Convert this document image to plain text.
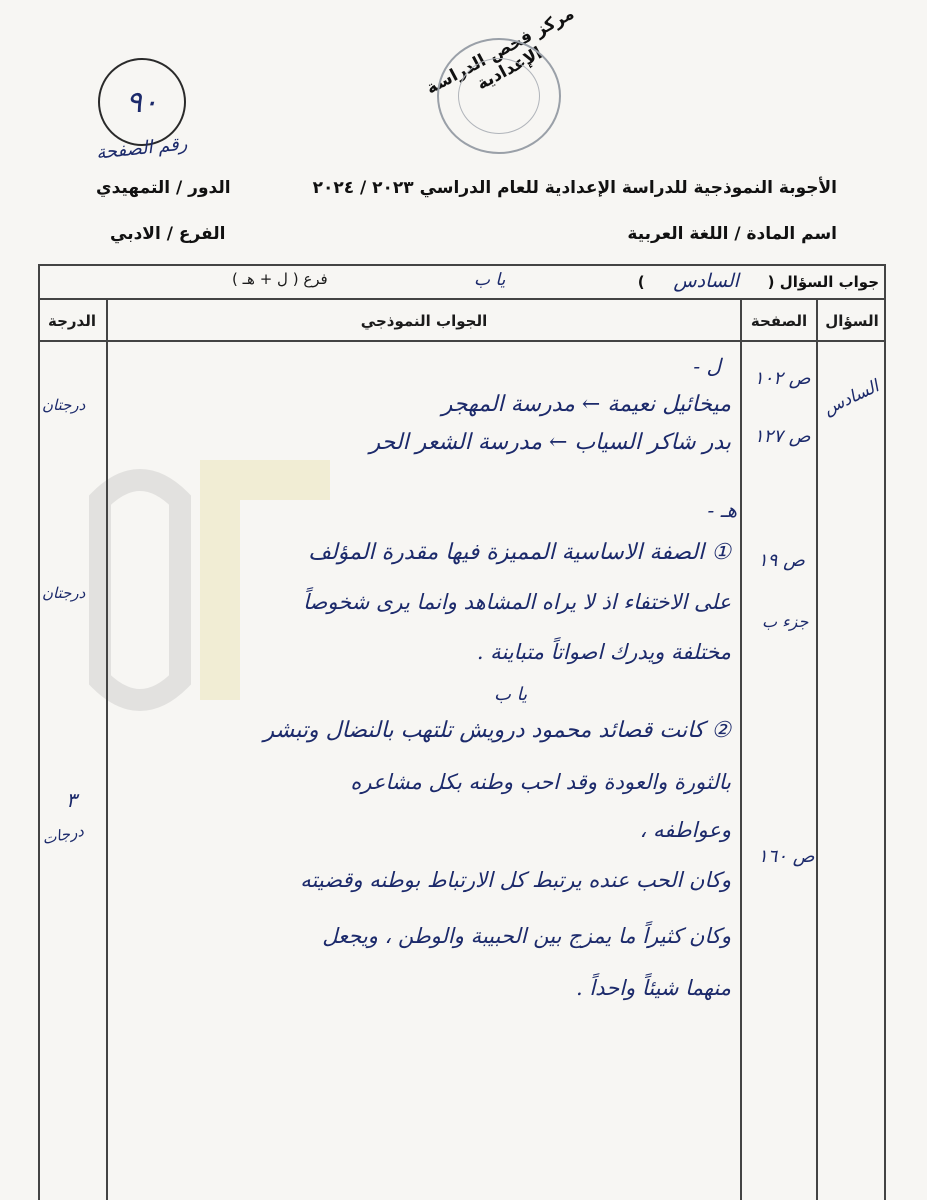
مركز فحص الدراسة الإعدادية
٩٠
رقم الصفحة
الأجوبة النموذجية للدراسة الإعدادية للعام الدراسي ٢٠٢٣ / ٢٠٢٤
الدور / التمهيدي
اسم المادة / اللغة العربية
الفرع / الادبي
جواب السؤال ( السادس )
يا ب
فرع ( ل + هـ )
السؤال
الصفحة
الجواب النموذجي
الدرجة
السادس
ص ١٠٢
ص ١٢٧
ص ١٩
جزء ب
ص ١٦٠
درجتان
درجتان
٣
درجات
ل -
ميخائيل نعيمة ← مدرسة المهجر
بدر شاكر السياب ← مدرسة الشعر الحر
هـ -
① الصفة الاساسية المميزة فيها مقدرة المؤلف
على الاختفاء اذ لا يراه المشاهد وانما يرى شخوصاً
مختلفة ويدرك اصواتاً متباينة .
يا ب
② كانت قصائد محمود درويش تلتهب بالنضال وتبشر
بالثورة والعودة وقد احب وطنه بكل مشاعره
وعواطفه ،
وكان الحب عنده يرتبط كل الارتباط بوطنه وقضيته
وكان كثيراً ما يمزج بين الحبيبة والوطن ، ويجعل
منهما شيئاً واحداً .
